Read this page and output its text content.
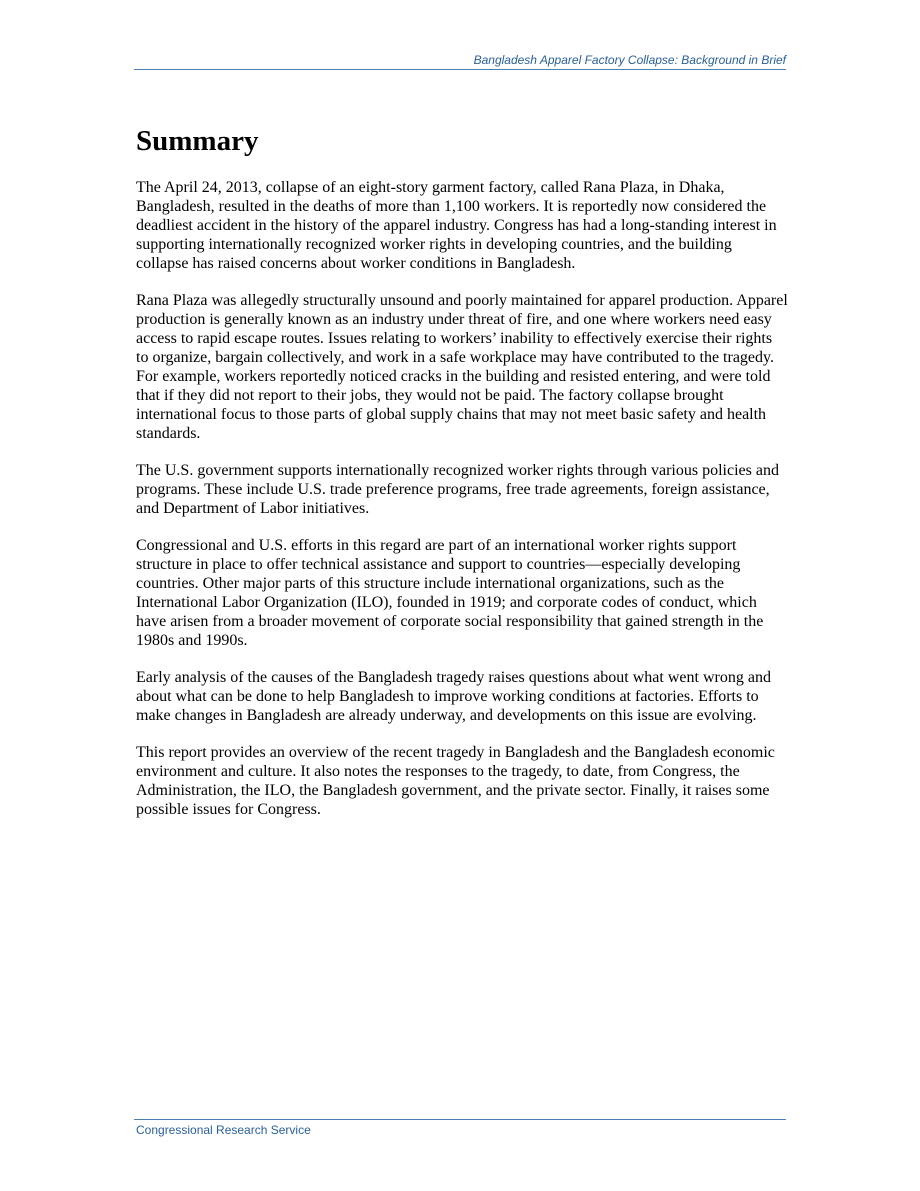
Bangladesh Apparel Factory Collapse: Background in Brief
Summary

The April 24, 2013, collapse of an eight-story garment factory, called Rana Plaza, in Dhaka, Bangladesh, resulted in the deaths of more than 1,100 workers. It is reportedly now considered the deadliest accident in the history of the apparel industry. Congress has had a long-standing interest in supporting internationally recognized worker rights in developing countries, and the building collapse has raised concerns about worker conditions in Bangladesh.

Rana Plaza was allegedly structurally unsound and poorly maintained for apparel production. Apparel production is generally known as an industry under threat of fire, and one where workers need easy access to rapid escape routes. Issues relating to workers’ inability to effectively exercise their rights to organize, bargain collectively, and work in a safe workplace may have contributed to the tragedy. For example, workers reportedly noticed cracks in the building and resisted entering, and were told that if they did not report to their jobs, they would not be paid. The factory collapse brought international focus to those parts of global supply chains that may not meet basic safety and health standards.

The U.S. government supports internationally recognized worker rights through various policies and programs. These include U.S. trade preference programs, free trade agreements, foreign assistance, and Department of Labor initiatives.

Congressional and U.S. efforts in this regard are part of an international worker rights support structure in place to offer technical assistance and support to countries—especially developing countries. Other major parts of this structure include international organizations, such as the International Labor Organization (ILO), founded in 1919; and corporate codes of conduct, which have arisen from a broader movement of corporate social responsibility that gained strength in the 1980s and 1990s.

Early analysis of the causes of the Bangladesh tragedy raises questions about what went wrong and about what can be done to help Bangladesh to improve working conditions at factories. Efforts to make changes in Bangladesh are already underway, and developments on this issue are evolving.

This report provides an overview of the recent tragedy in Bangladesh and the Bangladesh economic environment and culture. It also notes the responses to the tragedy, to date, from Congress, the Administration, the ILO, the Bangladesh government, and the private sector. Finally, it raises some possible issues for Congress.

Congressional Research Service
